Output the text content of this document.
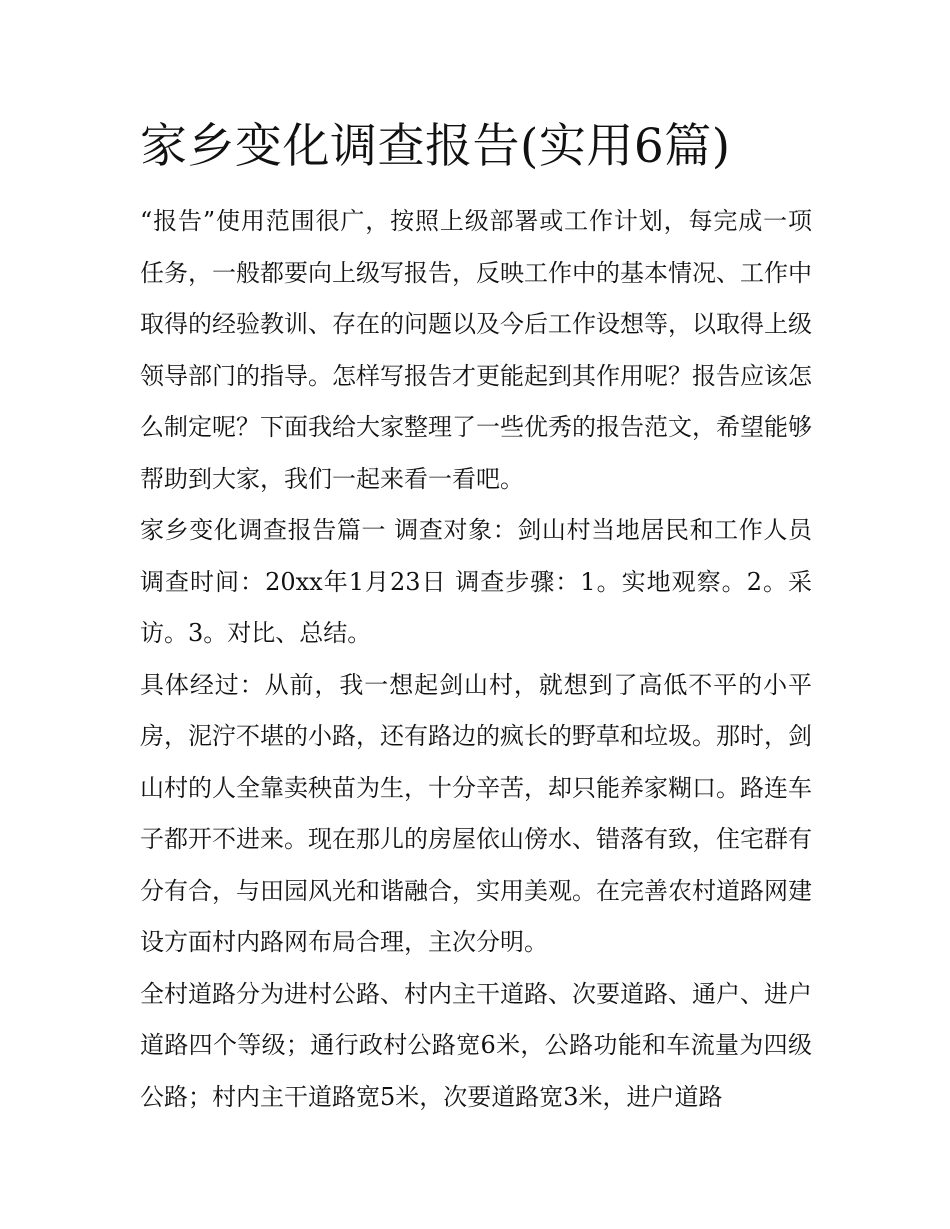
家乡变化调查报告(实用6篇)

“报告”使用范围很广，按照上级部署或工作计划，每完成一项任务，一般都要向上级写报告，反映工作中的基本情况、工作中取得的经验教训、存在的问题以及今后工作设想等，以取得上级领导部门的指导。怎样写报告才更能起到其作用呢？报告应该怎么制定呢？下面我给大家整理了一些优秀的报告范文，希望能够帮助到大家，我们一起来看一看吧。

家乡变化调查报告篇一 调查对象：剑山村当地居民和工作人员 调查时间：20xx年1月23日 调查步骤：1。实地观察。2。采访。3。对比、总结。

具体经过：从前，我一想起剑山村，就想到了高低不平的小平房，泥泞不堪的小路，还有路边的疯长的野草和垃圾。那时，剑山村的人全靠卖秧苗为生，十分辛苦，却只能养家糊口。路连车子都开不进来。现在那儿的房屋依山傍水、错落有致，住宅群有分有合，与田园风光和谐融合，实用美观。在完善农村道路网建设方面村内路网布局合理，主次分明。

全村道路分为进村公路、村内主干道路、次要道路、通户、进户道路四个等级；通行政村公路宽6米，公路功能和车流量为四级公路；村内主干道路宽5米，次要道路宽3米，进户道路
